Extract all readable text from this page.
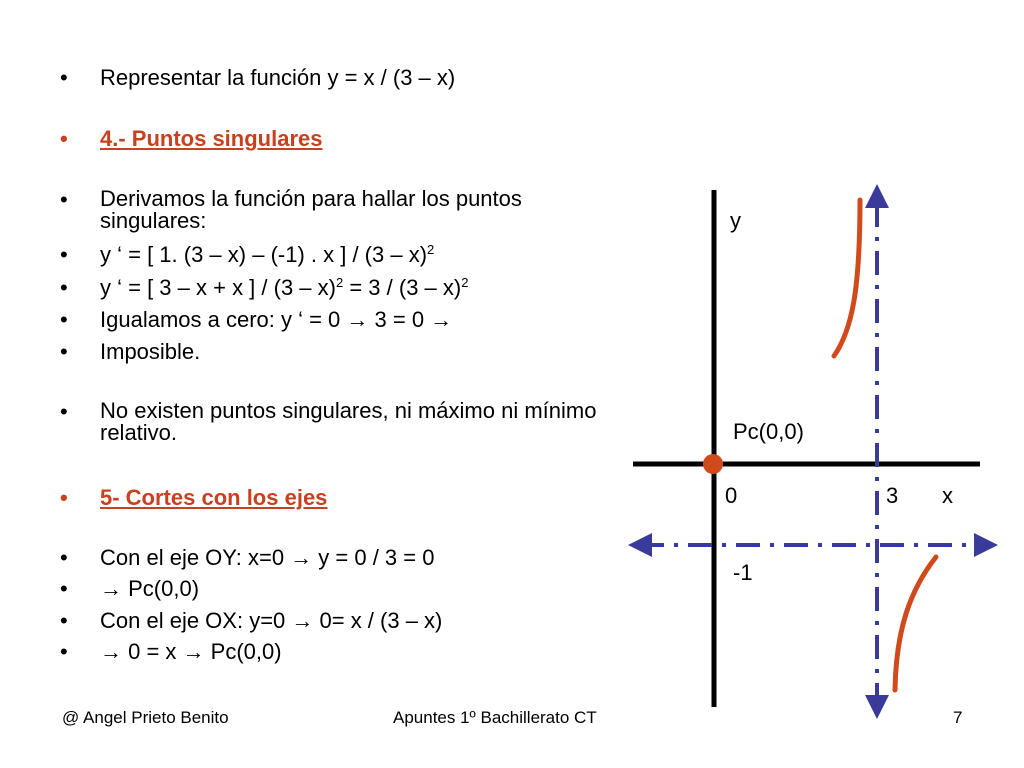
•	Representar la función y = x / (3 – x)
•	4.- Puntos singulares
•	Derivamos la función para hallar los puntos singulares:
•	y ‘ = [ 1. (3 – x) – (-1) . x ] / (3 – x)$^2$
•	y ‘ = [ 3 – x + x ] / (3 – x)$^2$ = 3 / (3 – x)$^2$
•	Igualamos a cero: y ‘ = 0 → 3 = 0 →
•	Imposible.
•	No existen puntos singulares, ni máximo ni mínimo relativo.
•	5- Cortes con los ejes
•	Con el eje OY: x=0 → y = 0 / 3 = 0
•	→ Pc(0,0)
•	Con el eje OX: y=0 → 0= x / (3 – x)
•	→ 0 = x → Pc(0,0)
y
Pc(0,0)
0	3 x
-1
@ Angel Prieto Benito	Apuntes 1º Bachillerato CT	7
